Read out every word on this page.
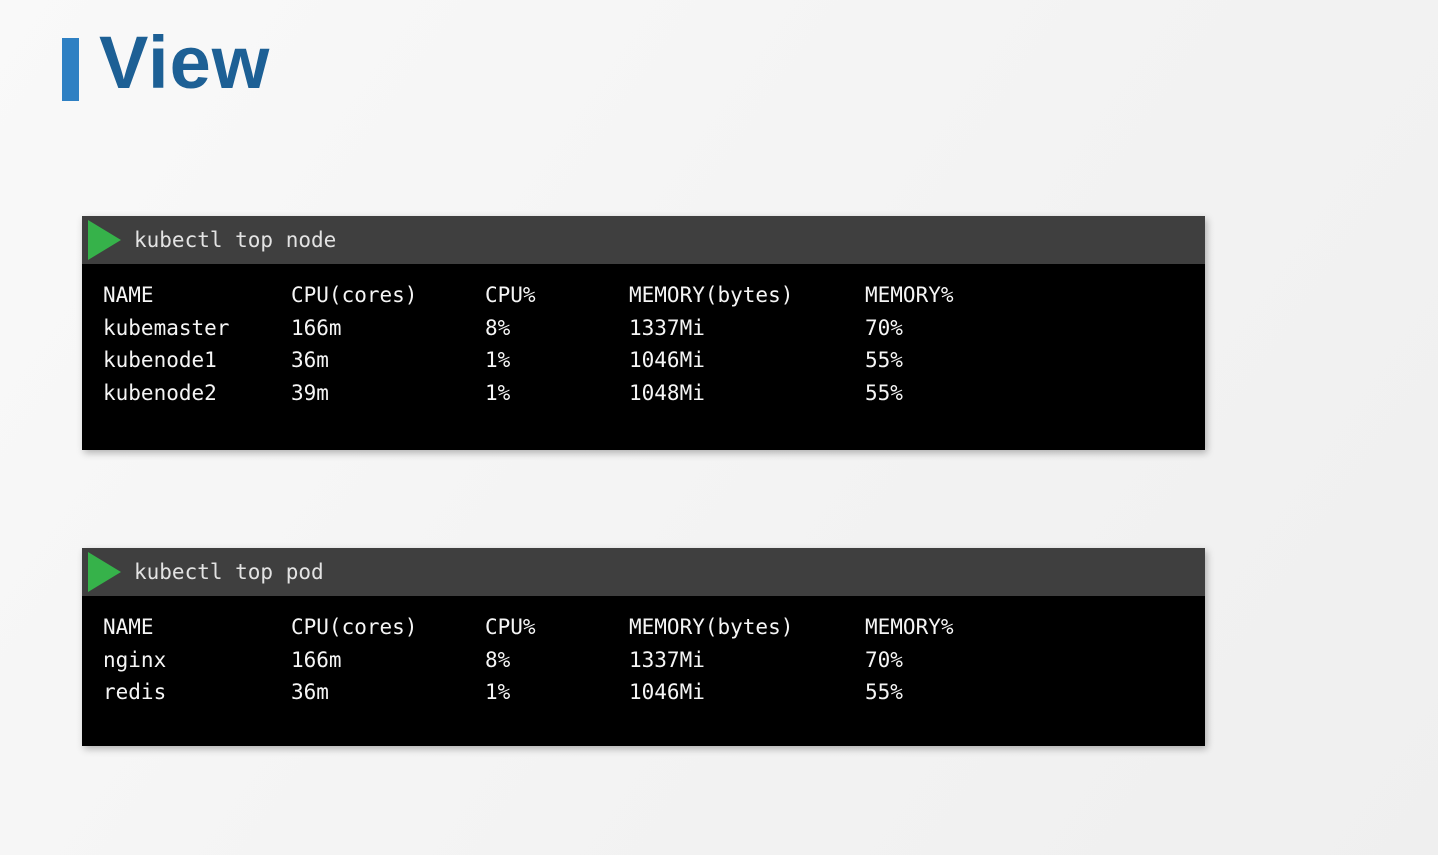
View
kubectl top node
NAME	CPU(cores)	CPU%	MEMORY(bytes)	MEMORY%
kubemaster	166m	8%	1337Mi	70%
kubenode1	36m	1%	1046Mi	55%
kubenode2	39m	1%	1048Mi	55%
kubectl top pod
NAME	CPU(cores)	CPU%	MEMORY(bytes)	MEMORY%
nginx	166m	8%	1337Mi	70%
redis	36m	1%	1046Mi	55%
